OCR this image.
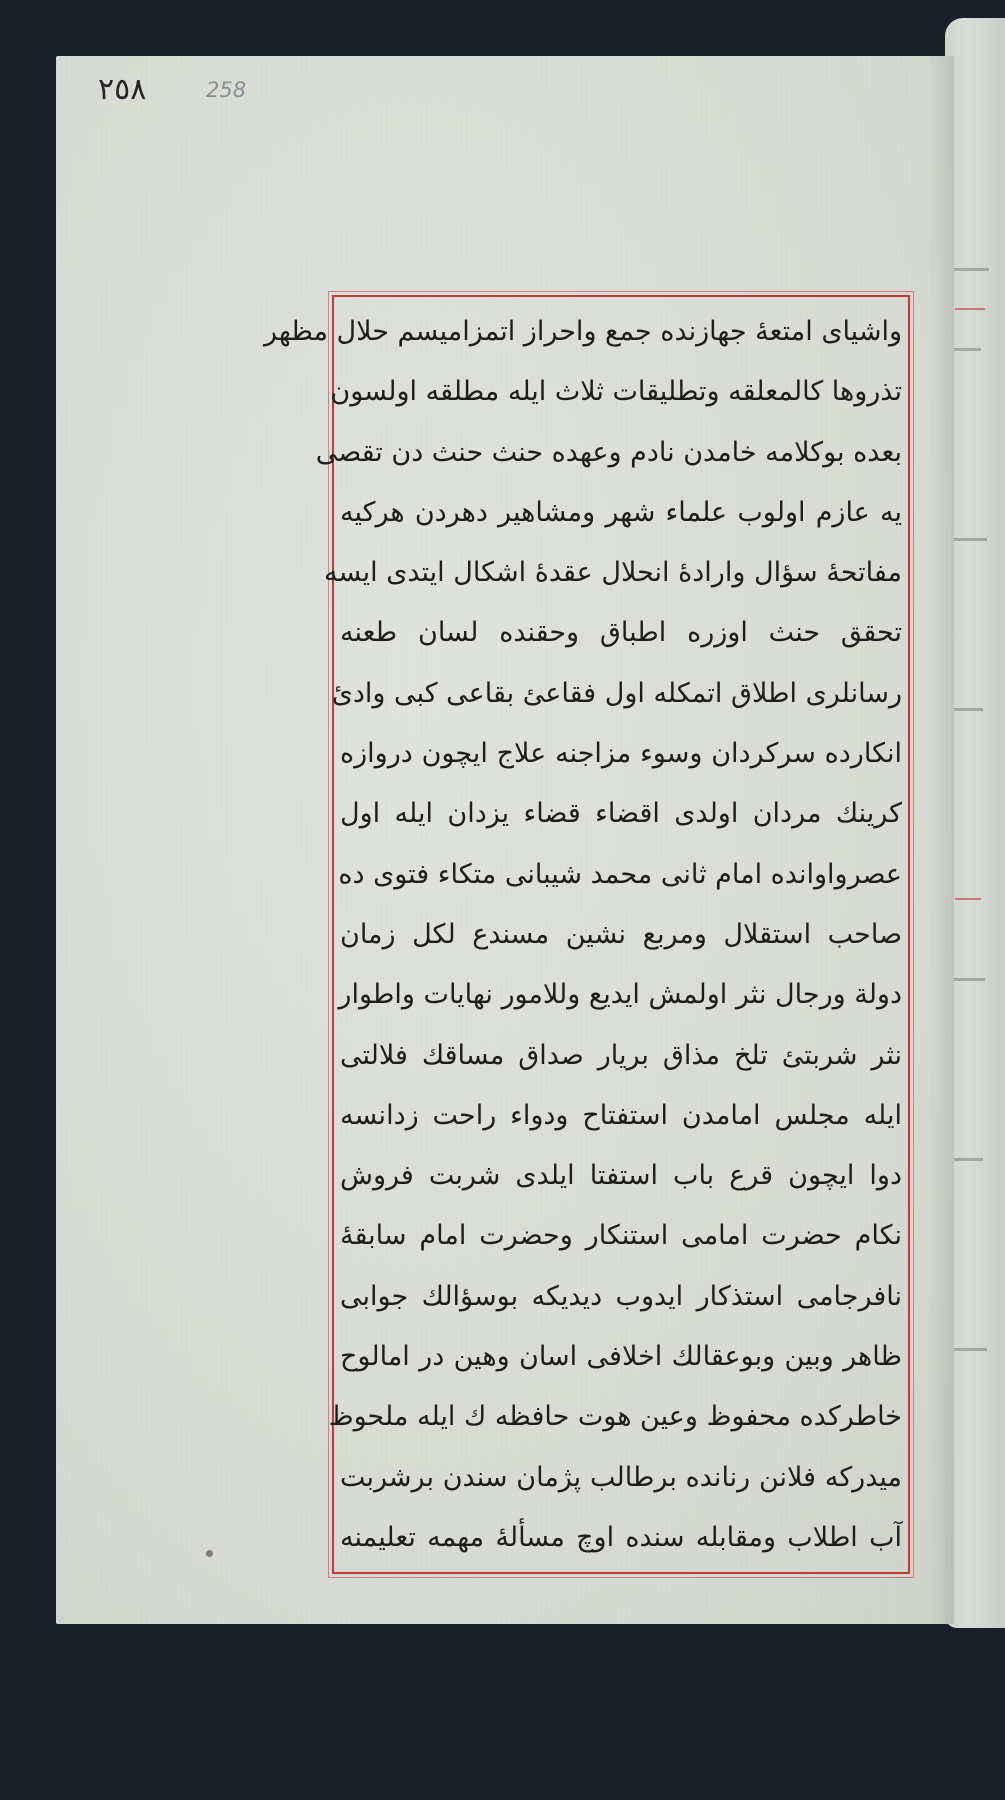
٢٥٨	258
واشیای امتعهٔ جهازنده جمع واحراز اتمزامیسم حلال مظهر
تذروها کالمعلقه وتطلیقات ثلاث ایله مطلقه اولسون
بعده بوکلامه خامدن نادم وعهده حنث حنث دن تقصی
یه عازم اولوب علماء شهر ومشاهیر دهردن هرکیه
مفاتحهٔ سؤال وارادهٔ انحلال عقدهٔ اشکال ایتدی ایسه
تحقق حنث اوزره اطباق وحقنده لسان طعنه
رسانلری اطلاق اتمکله اول فقاعئ بقاعی کبی وادئ
انکارده سرکردان وسوء مزاجنه علاج ایچون دروازه
کرینك مردان اولدی اقضاء قضاء یزدان ایله اول
عصرواوانده امام ثانی محمد شیبانی متکاء فتوی ده
صاحب استقلال ومربع نشین مسندع لکل زمان
دولة ورجال نثر اولمش ایدیع وللامور نهایات واطوار
نثر شربتئ تلخ مذاق بریار صداق مساقك فلالتی
ایله مجلس امامدن استفتاح ودواء راحت زدانسه
دوا ایچون قرع باب استفتا ایلدی شربت فروش
نکام حضرت امامی استنکار وحضرت امام سابقهٔ
نافرجامی استذکار ایدوب دیدیکه بوسؤالك جوابی
ظاهر وبین وبوعقالك اخلافی اسان وهین در امالوح
خاطرکده محفوظ وعین هوت حافظه ك ایله ملحوظ
میدرکه فلانن رنانده برطالب پژمان سندن برشربت
آب اطلاب ومقابله سنده اوچ مسألهٔ مهمه تعلیمنه
